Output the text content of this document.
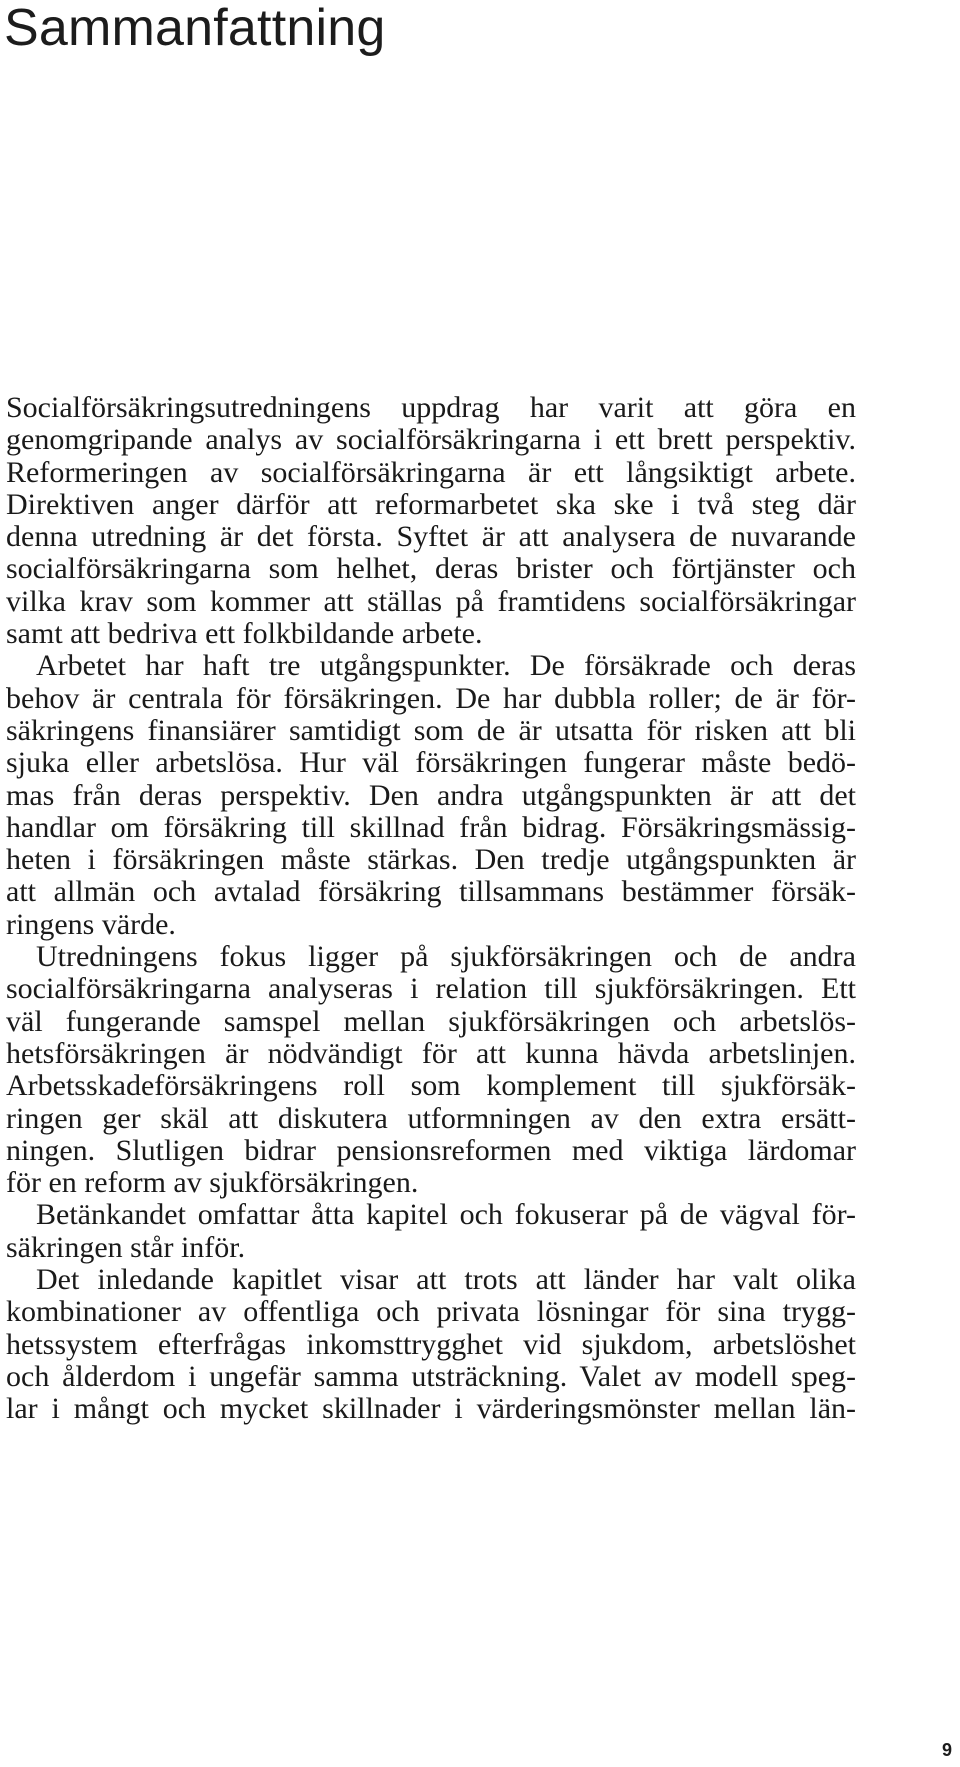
Sammanfattning
Socialförsäkringsutredningens uppdrag har varit att göra en
genomgripande analys av socialförsäkringarna i ett brett perspektiv.
Reformeringen av socialförsäkringarna är ett långsiktigt arbete.
Direktiven anger därför att reformarbetet ska ske i två steg där
denna utredning är det första. Syftet är att analysera de nuvarande
socialförsäkringarna som helhet, deras brister och förtjänster och
vilka krav som kommer att ställas på framtidens socialförsäkringar
samt att bedriva ett folkbildande arbete.
Arbetet har haft tre utgångspunkter. De försäkrade och deras
behov är centrala för försäkringen. De har dubbla roller; de är för-
säkringens finansiärer samtidigt som de är utsatta för risken att bli
sjuka eller arbetslösa. Hur väl försäkringen fungerar måste bedö-
mas från deras perspektiv. Den andra utgångspunkten är att det
handlar om försäkring till skillnad från bidrag. Försäkringsmässig-
heten i försäkringen måste stärkas. Den tredje utgångspunkten är
att allmän och avtalad försäkring tillsammans bestämmer försäk-
ringens värde.
Utredningens fokus ligger på sjukförsäkringen och de andra
socialförsäkringarna analyseras i relation till sjukförsäkringen. Ett
väl fungerande samspel mellan sjukförsäkringen och arbetslös-
hetsförsäkringen är nödvändigt för att kunna hävda arbetslinjen.
Arbetsskadeförsäkringens roll som komplement till sjukförsäk-
ringen ger skäl att diskutera utformningen av den extra ersätt-
ningen. Slutligen bidrar pensionsreformen med viktiga lärdomar
för en reform av sjukförsäkringen.
Betänkandet omfattar åtta kapitel och fokuserar på de vägval för-
säkringen står inför.
Det inledande kapitlet visar att trots att länder har valt olika
kombinationer av offentliga och privata lösningar för sina trygg-
hetssystem efterfrågas inkomsttrygghet vid sjukdom, arbetslöshet
och ålderdom i ungefär samma utsträckning. Valet av modell speg-
lar i mångt och mycket skillnader i värderingsmönster mellan län-
9
